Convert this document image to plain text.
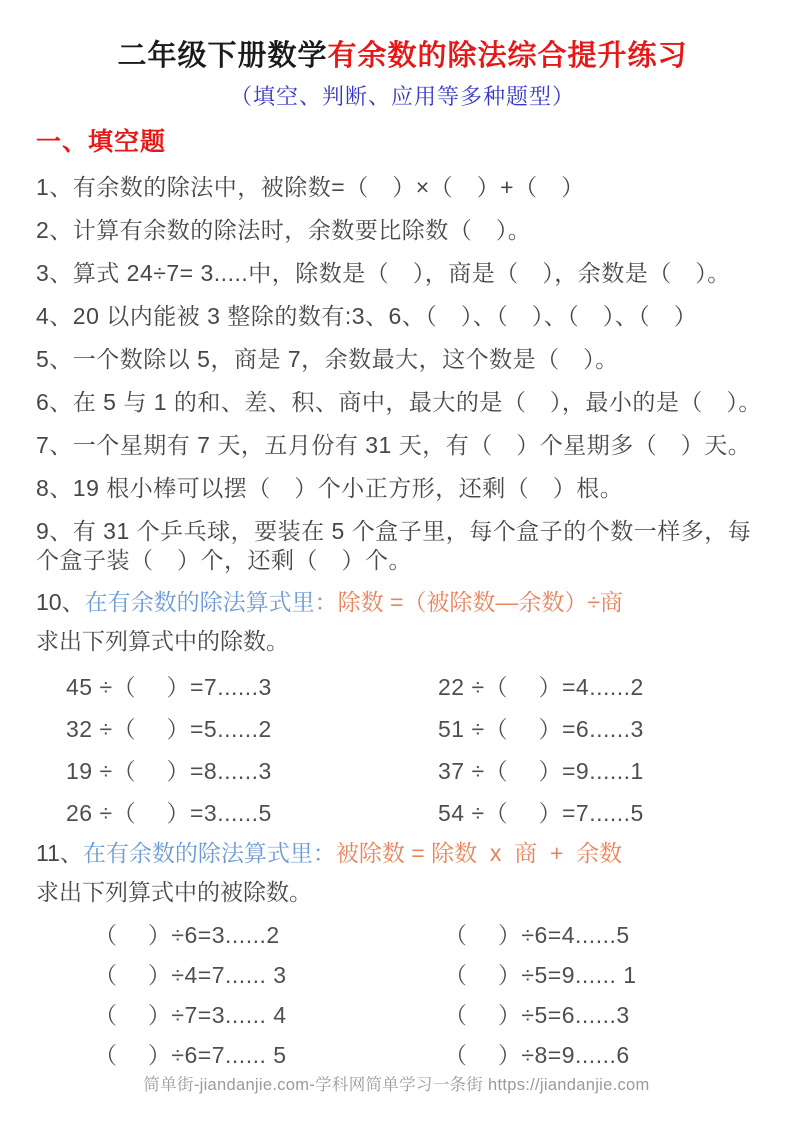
二年级下册数学有余数的除法综合提升练习
（填空、判断、应用等多种题型）
一、填空题
1、有余数的除法中，被除数=（　）×（　）+（　）
2、计算有余数的除法时，余数要比除数（　）。
3、算式 24÷7= 3.....中，除数是（　），商是（　），余数是（　）。
4、20 以内能被 3 整除的数有:3、6、（　）、（　）、（　）、（　）
5、一个数除以 5，商是 7，余数最大，这个数是（　）。
6、在 5 与 1 的和、差、积、商中，最大的是（　），最小的是（　）。
7、一个星期有 7 天，五月份有 31 天，有（　）个星期多（　）天。
8、19 根小棒可以摆（　）个小正方形，还剩（　）根。
9、有 31 个乒乓球，要装在 5 个盒子里，每个盒子的个数一样多，每个盒子装（　）个，还剩（　）个。
10、在有余数的除法算式里：除数 =（被除数—余数）÷商
求出下列算式中的除数。
45 ÷（　 ）=7......3	22 ÷（　 ）=4......2
32 ÷（　 ）=5......2	51 ÷（　 ）=6......3
19 ÷（　 ）=8......3	37 ÷（　 ）=9......1
26 ÷（　 ）=3......5	54 ÷（　 ）=7......5
11、在有余数的除法算式里：被除数 = 除数  x  商  +  余数
求出下列算式中的被除数。
（　 ）÷6=3......2	（　 ）÷6=4......5
（　 ）÷4=7...... 3	（　 ）÷5=9...... 1
（　 ）÷7=3...... 4	（　 ）÷5=6......3
（　 ）÷6=7...... 5	（　 ）÷8=9......6
简单街-jiandanjie.com-学科网简单学习一条街 https://jiandanjie.com
